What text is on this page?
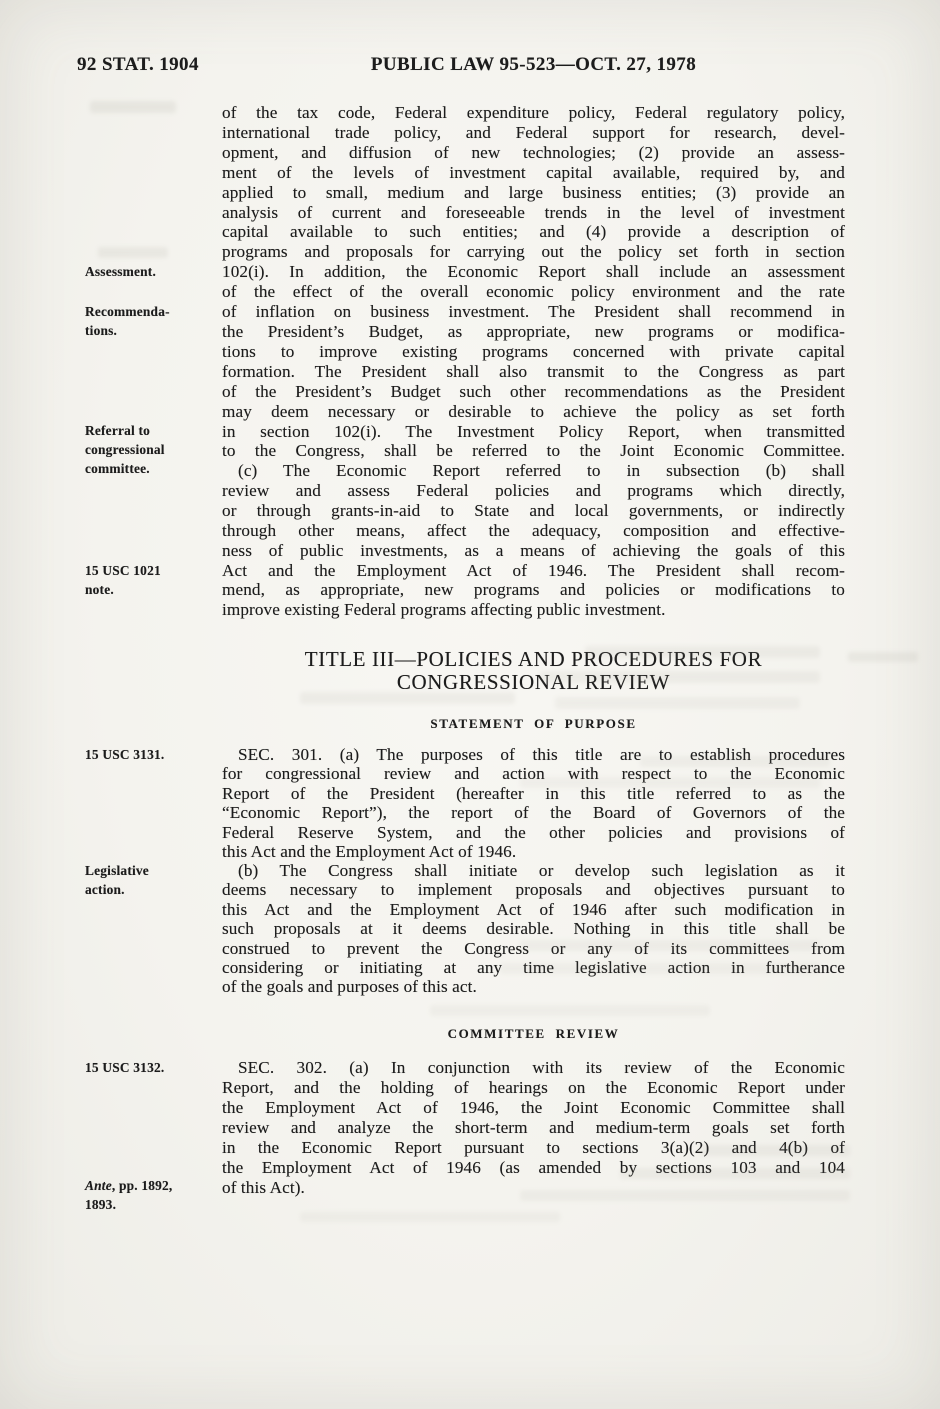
92 STAT. 1904	PUBLIC LAW 95-523—OCT. 27, 1978
Assessment.
Recommenda-
tions.
Referral to
congressional
committee.
15 USC 1021
note.
15 USC 3131.
Legislative
action.
15 USC 3132.
Ante, pp. 1892,
1893.
of the tax code, Federal expenditure policy, Federal regulatory policy,
international trade policy, and Federal support for research, devel-
opment, and diffusion of new technologies; (2) provide an assess-
ment of the levels of investment capital available, required by, and
applied to small, medium and large business entities; (3) provide an
analysis of current and foreseeable trends in the level of investment
capital available to such entities; and (4) provide a description of
programs and proposals for carrying out the policy set forth in section
102(i). In addition, the Economic Report shall include an assessment
of the effect of the overall economic policy environment and the rate
of inflation on business investment. The President shall recommend in
the President’s Budget, as appropriate, new programs or modifica-
tions to improve existing programs concerned with private capital
formation. The President shall also transmit to the Congress as part
of the President’s Budget such other recommendations as the President
may deem necessary or desirable to achieve the policy as set forth
in section 102(i). The Investment Policy Report, when transmitted
to the Congress, shall be referred to the Joint Economic Committee.
(c) The Economic Report referred to in subsection (b) shall
review and assess Federal policies and programs which directly,
or through grants-in-aid to State and local governments, or indirectly
through other means, affect the adequacy, composition and effective-
ness of public investments, as a means of achieving the goals of this
Act and the Employment Act of 1946. The President shall recom-
mend, as appropriate, new programs and policies or modifications to
improve existing Federal programs affecting public investment.
TITLE III—POLICIES AND PROCEDURES FOR
CONGRESSIONAL REVIEW
STATEMENT OF PURPOSE
SEC. 301. (a) The purposes of this title are to establish procedures
for congressional review and action with respect to the Economic
Report of the President (hereafter in this title referred to as the
“Economic Report”), the report of the Board of Governors of the
Federal Reserve System, and the other policies and provisions of
this Act and the Employment Act of 1946.
(b) The Congress shall initiate or develop such legislation as it
deems necessary to implement proposals and objectives pursuant to
this Act and the Employment Act of 1946 after such modification in
such proposals at it deems desirable. Nothing in this title shall be
construed to prevent the Congress or any of its committees from
considering or initiating at any time legislative action in furtherance
of the goals and purposes of this act.
COMMITTEE REVIEW
SEC. 302. (a) In conjunction with its review of the Economic
Report, and the holding of hearings on the Economic Report under
the Employment Act of 1946, the Joint Economic Committee shall
review and analyze the short-term and medium-term goals set forth
in the Economic Report pursuant to sections 3(a)(2) and 4(b) of
the Employment Act of 1946 (as amended by sections 103 and 104
of this Act).
